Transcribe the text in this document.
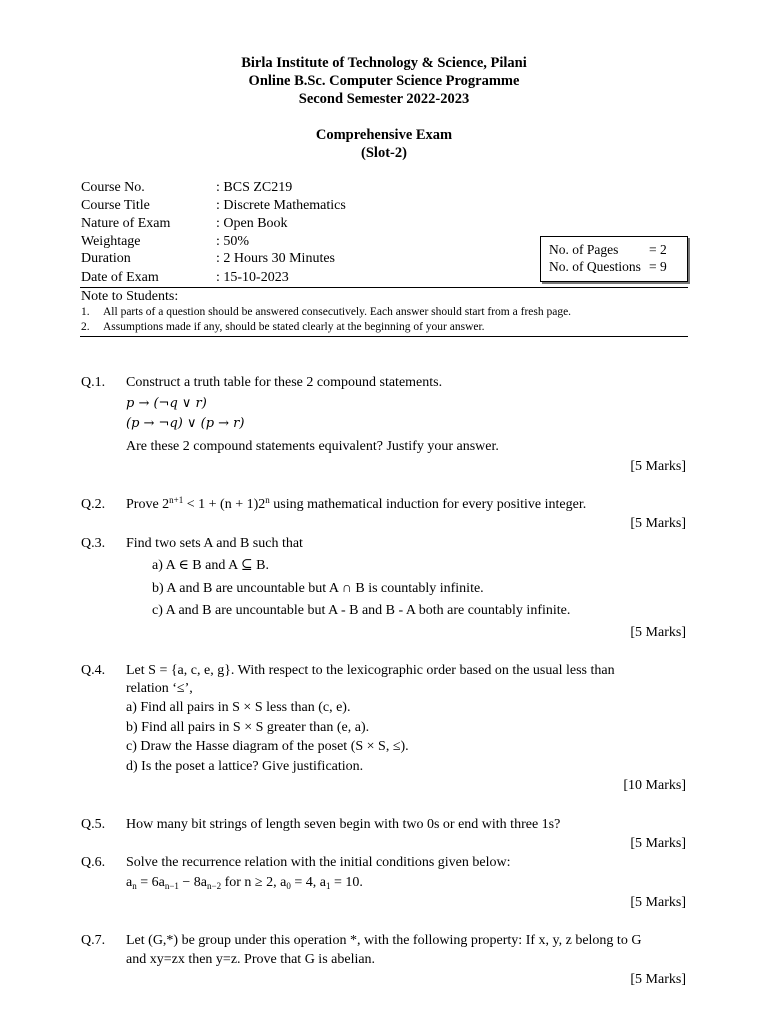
Birla Institute of Technology & Science, Pilani
Online B.Sc. Computer Science Programme
Second Semester 2022-2023
Comprehensive Exam
(Slot-2)
Course No.	: BCS ZC219
Course Title	: Discrete Mathematics
Nature of Exam	: Open Book
Weightage	: 50%
Duration	: 2 Hours 30 Minutes
Date of Exam	: 15-10-2023
No. of Pages = 2
No. of Questions = 9
Note to Students:
1. All parts of a question should be answered consecutively. Each answer should start from a fresh page.
2. Assumptions made if any, should be stated clearly at the beginning of your answer.
Q.1. Construct a truth table for these 2 compound statements.
p → (¬q ∨ r)
(p → ¬q) ∨ (p → r)
Are these 2 compound statements equivalent? Justify your answer.
[5 Marks]
Q.2. Prove $2^{n+1} < 1 + (n + 1)2^n$ using mathematical induction for every positive integer.
[5 Marks]
Q.3. Find two sets A and B such that
a) A ∈ B and A ⊆ B.
b) A and B are uncountable but A ∩ B is countably infinite.
c) A and B are uncountable but A - B and B - A both are countably infinite.
[5 Marks]
Q.4. Let S = {a, c, e, g}. With respect to the lexicographic order based on the usual less than
relation ‘≤’,
a) Find all pairs in S × S less than (c, e).
b) Find all pairs in S × S greater than (e, a).
c) Draw the Hasse diagram of the poset (S × S, ≤).
d) Is the poset a lattice? Give justification.
[10 Marks]
Q.5. How many bit strings of length seven begin with two 0s or end with three 1s?
[5 Marks]
Q.6. Solve the recurrence relation with the initial conditions given below:
$a_n = 6a_{n-1} - 8a_{n-2}$ for n ≥ 2, $a_0 = 4$, $a_1 = 10$.
[5 Marks]
Q.7. Let (G,*) be group under this operation *, with the following property: If x, y, z belong to G
and xy=zx then y=z. Prove that G is abelian.
[5 Marks]
